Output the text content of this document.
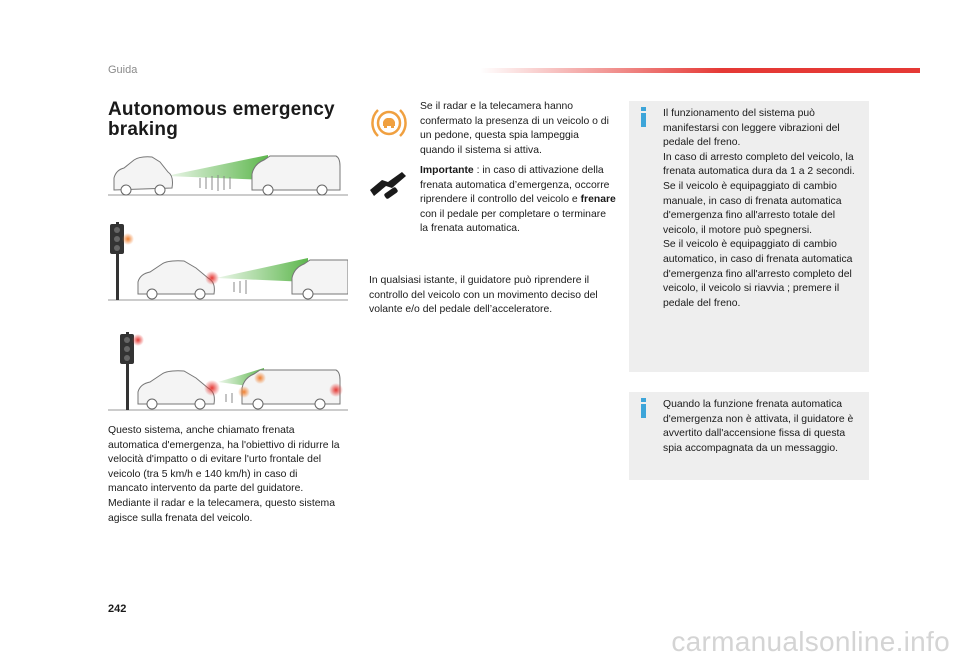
Guida
Autonomous emergency braking

Questo sistema, anche chiamato frenata automatica d'emergenza, ha l'obiettivo di ridurre la velocità d'impatto o di evitare l'urto frontale del veicolo (tra 5 km/h e 140 km/h) in caso di mancato intervento da parte del guidatore.

Mediante il radar e la telecamera, questo sistema agisce sulla frenata del veicolo.

Se il radar e la telecamera hanno confermato la presenza di un veicolo o di un pedone, questa spia lampeggia quando il sistema si attiva.
Importante : in caso di attivazione della frenata automatica d’emergenza, occorre riprendere il controllo del veicolo e frenare con il pedale per completare o terminare la frenata automatica.
In qualsiasi istante, il guidatore può riprendere il controllo del veicolo con un movimento deciso del volante e/o del pedale dell’acceleratore.

Il funzionamento del sistema può manifestarsi con leggere vibrazioni del pedale del freno.

In caso di arresto completo del veicolo, la frenata automatica dura da 1 a 2 secondi.

Se il veicolo è equipaggiato di cambio manuale, in caso di frenata automatica d'emergenza fino all'arresto totale del veicolo, il motore può spegnersi.

Se il veicolo è equipaggiato di cambio automatico, in caso di frenata automatica d'emergenza fino all'arresto completo del veicolo, il veicolo si riavvia ; premere il pedale del freno.

Quando la funzione frenata automatica d'emergenza non è attivata, il guidatore è avvertito dall'accensione fissa di questa spia accompagnata da un messaggio.
242
carmanualsonline.info
